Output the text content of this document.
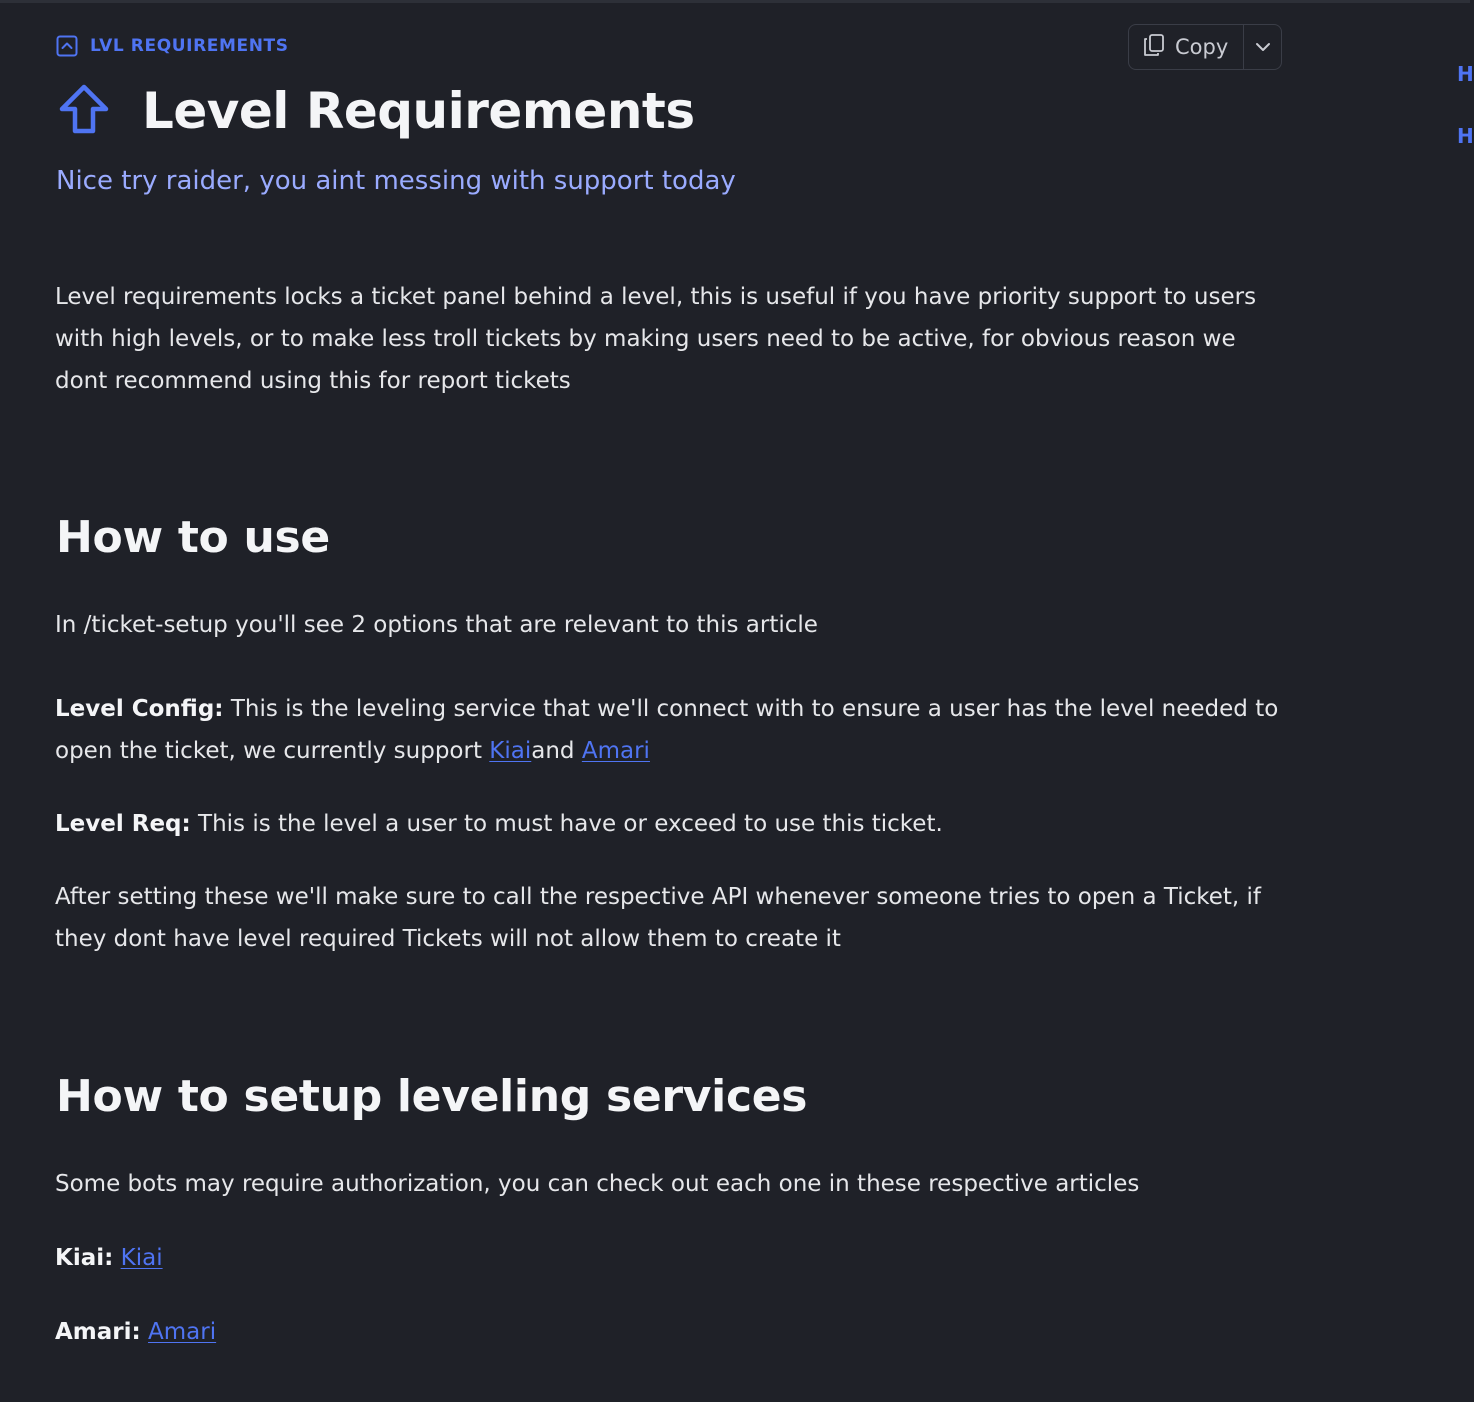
LVL REQUIREMENTS
Level Requirements
Nice try raider, you aint messing with support today
Copy
H
H

Level requirements locks a ticket panel behind a level, this is useful if you have priority support to users with high levels, or to make less troll tickets by making users need to be active, for obvious reason we dont recommend using this for report tickets

How to use

In /ticket-setup you'll see 2 options that are relevant to this article

Level Config: This is the leveling service that we'll connect with to ensure a user has the level needed to open the ticket, we currently support Kiaiand Amari

Level Req: This is the level a user to must have or exceed to use this ticket.

After setting these we'll make sure to call the respective API whenever someone tries to open a Ticket, if they dont have level required Tickets will not allow them to create it

How to setup leveling services

Some bots may require authorization, you can check out each one in these respective articles

Kiai: Kiai

Amari: Amari
